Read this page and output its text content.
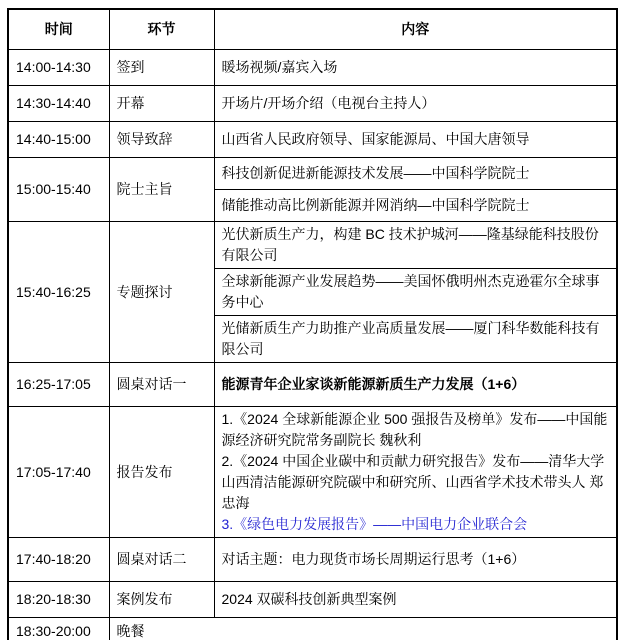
时间	环节	内容
14:00-14:30	签到	暖场视频/嘉宾入场
14:30-14:40	开幕	开场片/开场介绍（电视台主持人）
14:40-15:00	领导致辞	山西省人民政府领导、国家能源局、中国大唐领导
15:00-15:40	院士主旨	科技创新促进新能源技术发展——中国科学院院士
		储能推动高比例新能源并网消纳—中国科学院院士
15:40-16:25	专题探讨	光伏新质生产力，构建 BC 技术护城河——隆基绿能科技股份有限公司
		全球新能源产业发展趋势——美国怀俄明州杰克逊霍尔全球事务中心
		光储新质生产力助推产业高质量发展——厦门科华数能科技有限公司
16:25-17:05	圆桌对话一	能源青年企业家谈新能源新质生产力发展（1+6）
17:05-17:40	报告发布	1.《2024 全球新能源企业 500 强报告及榜单》发布——中国能源经济研究院常务副院长 魏秋利

2.《2024 中国企业碳中和贡献力研究报告》发布——清华大学山西清洁能源研究院碳中和研究所、山西省学术技术带头人 郑忠海

3.《绿色电力发展报告》——中国电力企业联合会

17:40-18:20	圆桌对话二	对话主题：电力现货市场长周期运行思考（1+6）
18:20-18:30	案例发布	2024 双碳科技创新典型案例
18:30-20:00	晚餐	
